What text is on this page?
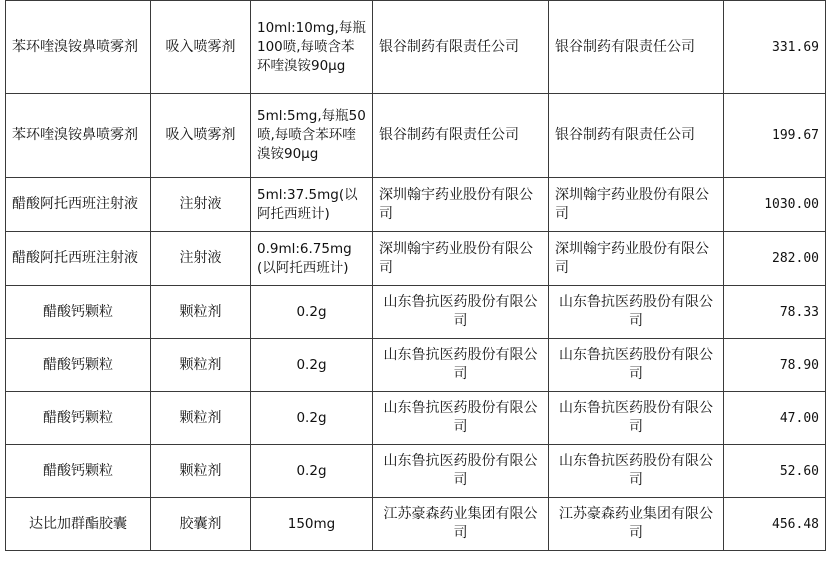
苯环喹溴铵鼻喷雾剂	吸入喷雾剂	10ml:10mg,每瓶100喷,每喷含苯环喹溴铵90μg	银谷制药有限责任公司	银谷制药有限责任公司	331.69
苯环喹溴铵鼻喷雾剂	吸入喷雾剂	5ml:5mg,每瓶50喷,每喷含苯环喹溴铵90μg	银谷制药有限责任公司	银谷制药有限责任公司	199.67
醋酸阿托西班注射液	注射液	5ml:37.5mg(以阿托西班计)	深圳翰宇药业股份有限公司	深圳翰宇药业股份有限公司	1030.00
醋酸阿托西班注射液	注射液	0.9ml:6.75mg(以阿托西班计)	深圳翰宇药业股份有限公司	深圳翰宇药业股份有限公司	282.00
醋酸钙颗粒	颗粒剂	0.2g	山东鲁抗医药股份有限公司	山东鲁抗医药股份有限公司	78.33
醋酸钙颗粒	颗粒剂	0.2g	山东鲁抗医药股份有限公司	山东鲁抗医药股份有限公司	78.90
醋酸钙颗粒	颗粒剂	0.2g	山东鲁抗医药股份有限公司	山东鲁抗医药股份有限公司	47.00
醋酸钙颗粒	颗粒剂	0.2g	山东鲁抗医药股份有限公司	山东鲁抗医药股份有限公司	52.60
达比加群酯胶囊	胶囊剂	150mg	江苏豪森药业集团有限公司	江苏豪森药业集团有限公司	456.48
